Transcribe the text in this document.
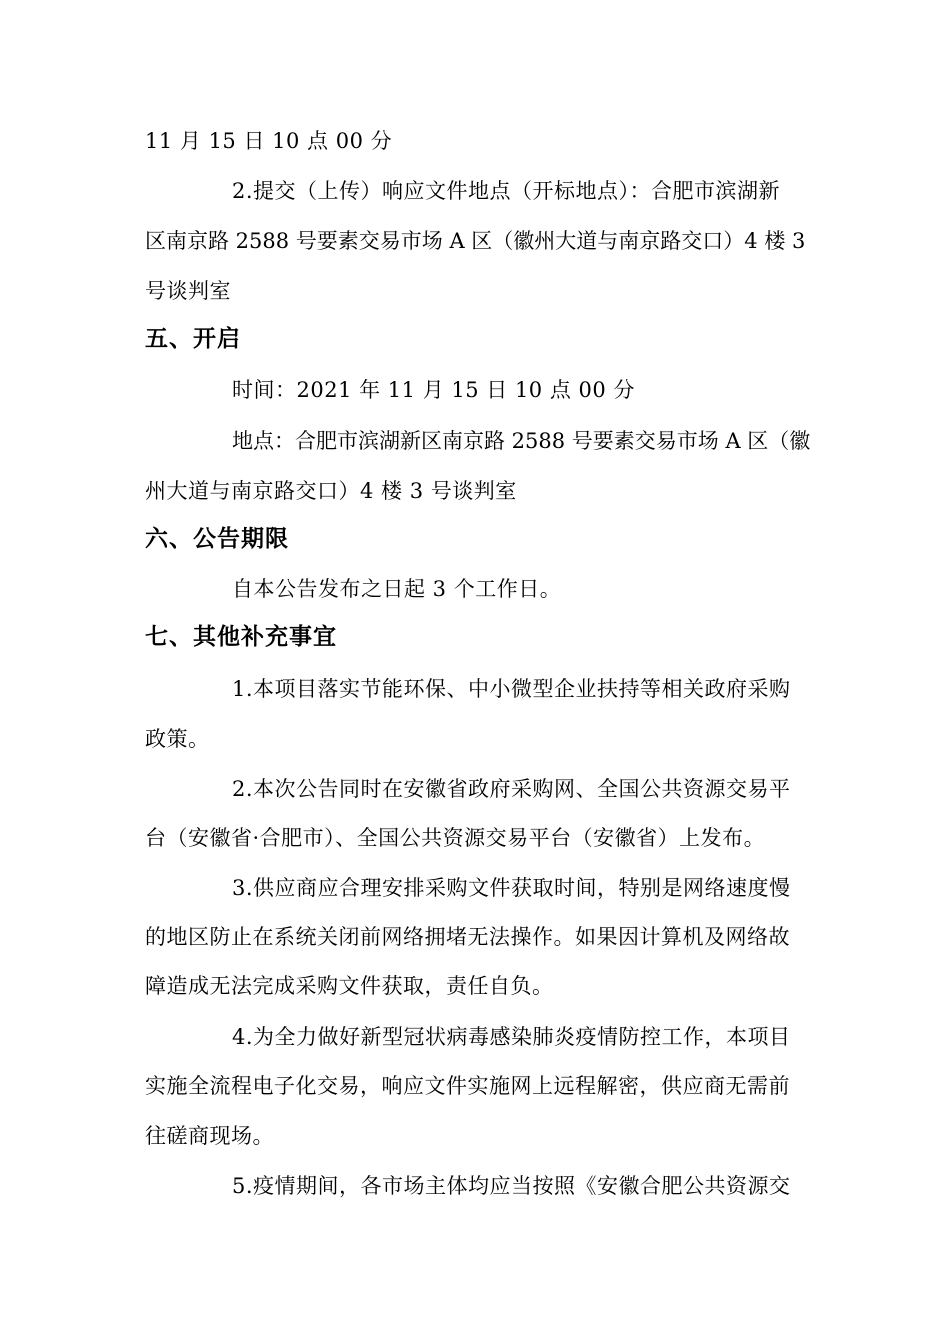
11 月 15 日 10 点 00 分
2.提交（上传）响应文件地点（开标地点）：合肥市滨湖新
区南京路 2588 号要素交易市场 A 区（徽州大道与南京路交口）4 楼 3
号谈判室
五、开启
时间：2021 年 11 月 15 日 10 点 00 分
地点：合肥市滨湖新区南京路 2588 号要素交易市场 A 区（徽
州大道与南京路交口）4 楼 3 号谈判室
六、公告期限
自本公告发布之日起 3 个工作日。
七、其他补充事宜
1.本项目落实节能环保、中小微型企业扶持等相关政府采购
政策。
2.本次公告同时在安徽省政府采购网、全国公共资源交易平
台（安徽省·合肥市）、全国公共资源交易平台（安徽省）上发布。
3.供应商应合理安排采购文件获取时间，特别是网络速度慢
的地区防止在系统关闭前网络拥堵无法操作。如果因计算机及网络故
障造成无法完成采购文件获取，责任自负。
4.为全力做好新型冠状病毒感染肺炎疫情防控工作，本项目
实施全流程电子化交易，响应文件实施网上远程解密，供应商无需前
往磋商现场。
5.疫情期间，各市场主体均应当按照《安徽合肥公共资源交
